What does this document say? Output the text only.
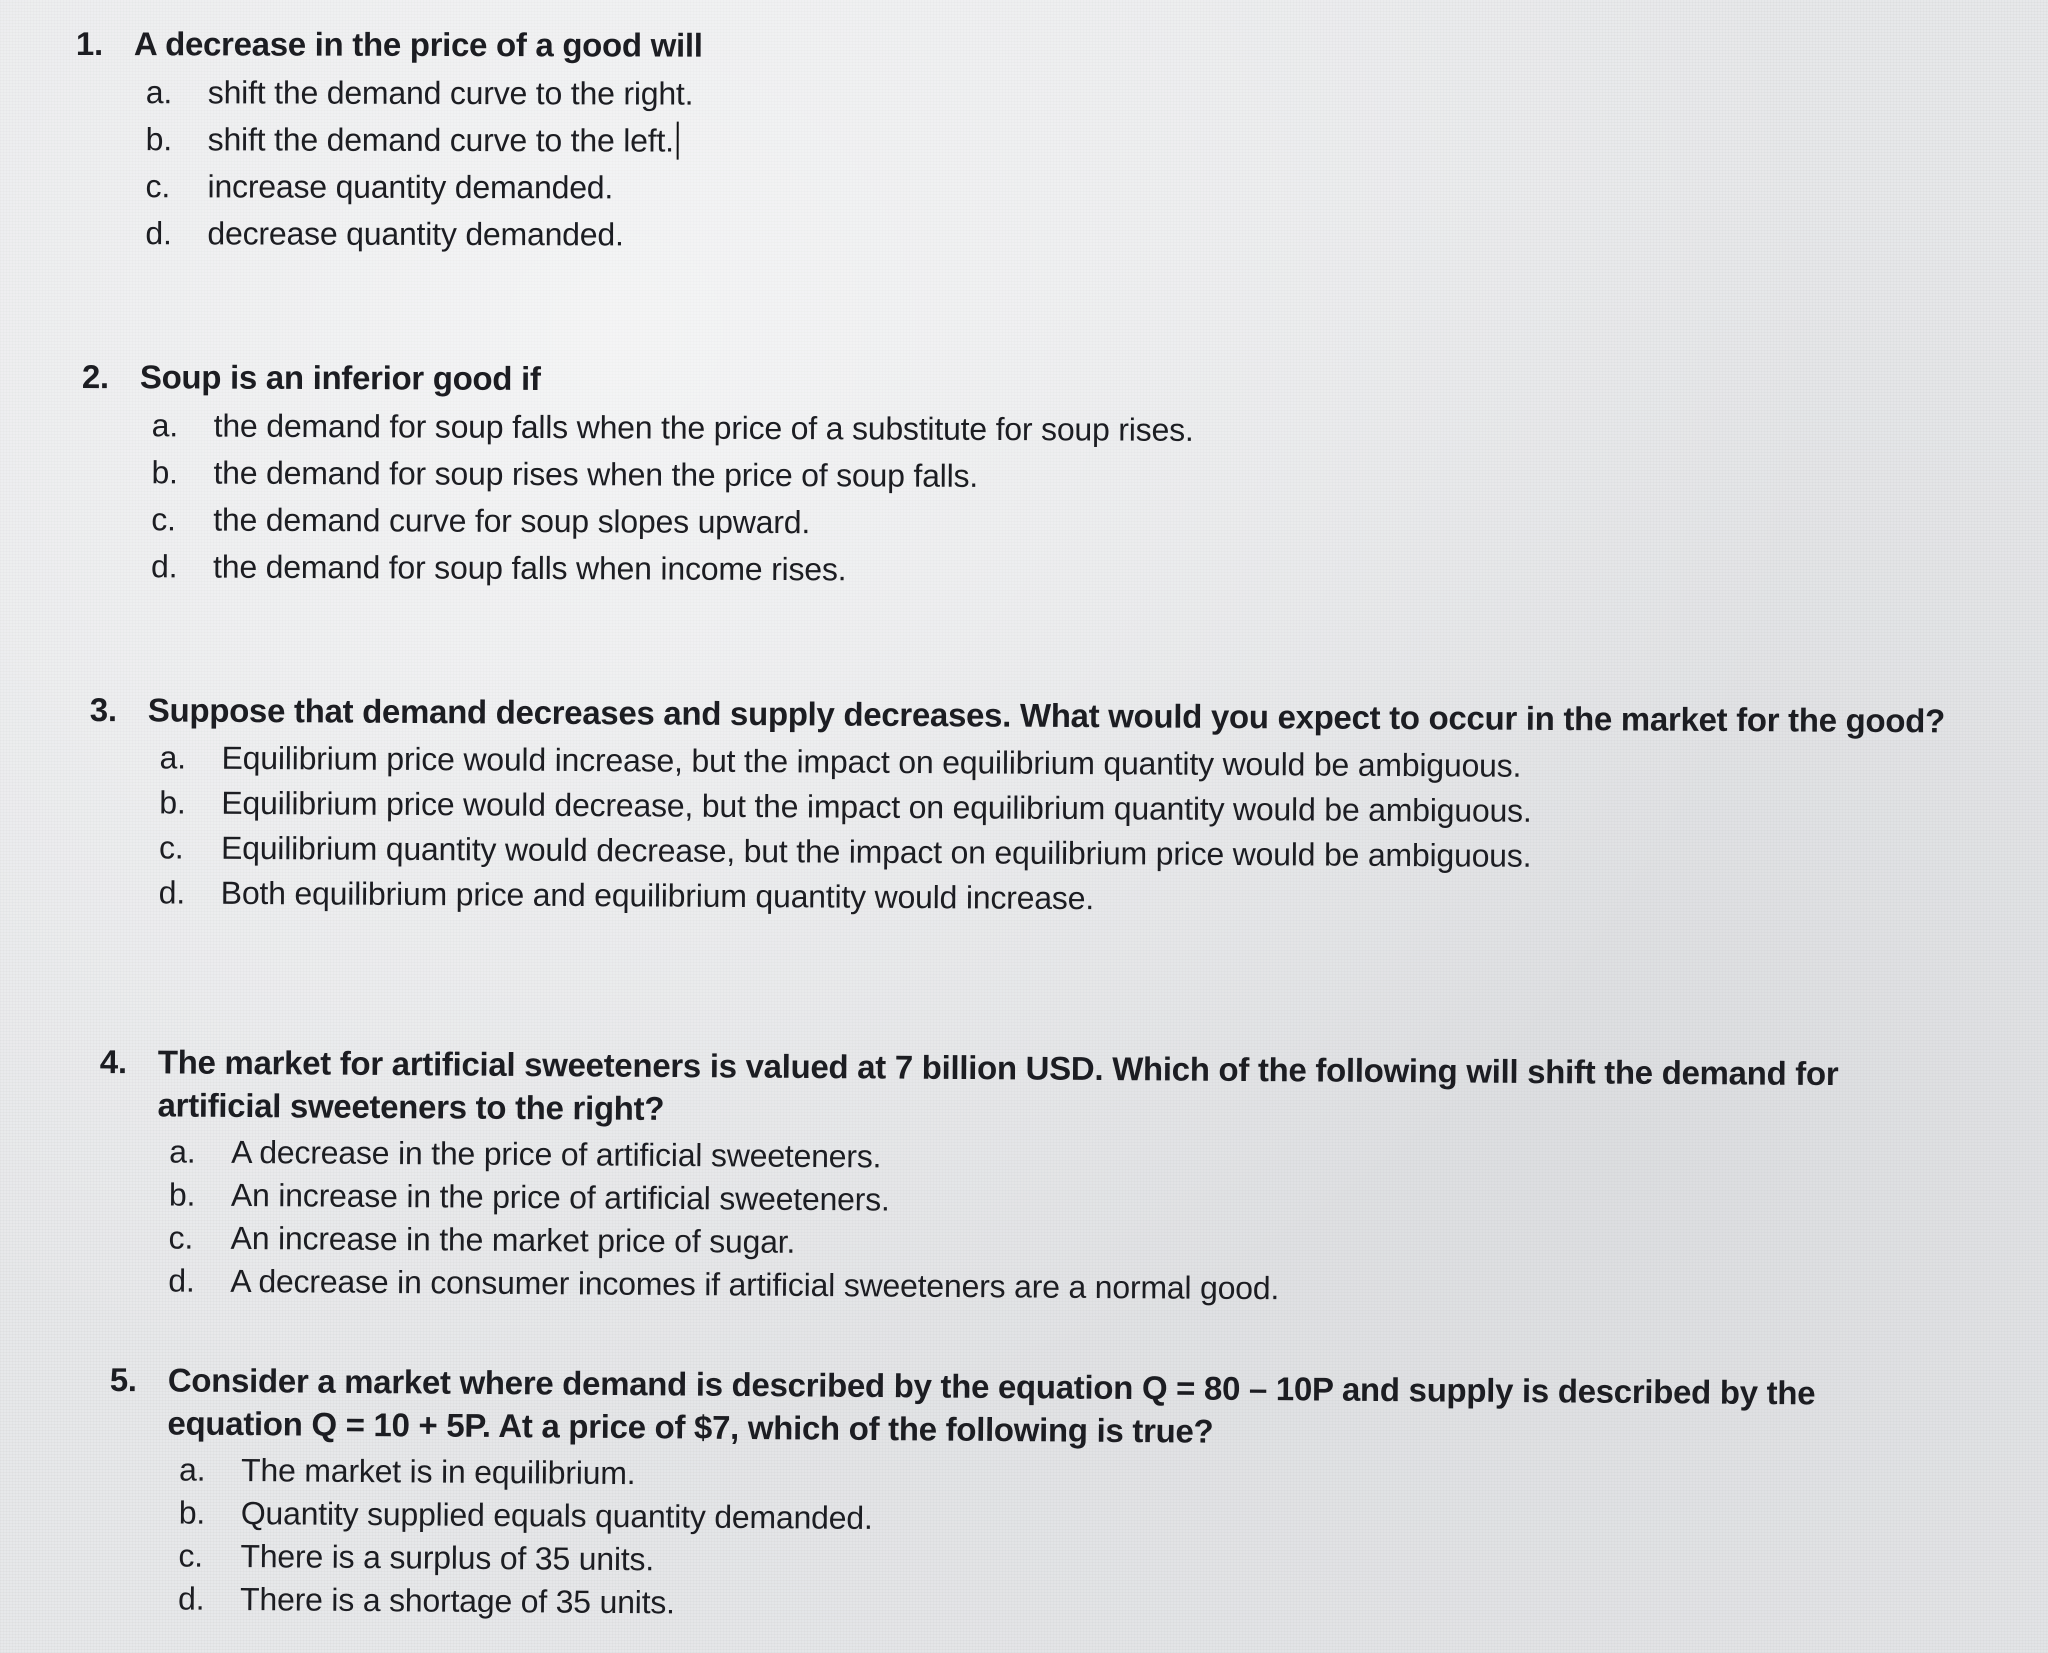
1. A decrease in the price of a good will
a.	shift the demand curve to the right.
b.	shift the demand curve to the left.
c.	increase quantity demanded.
d.	decrease quantity demanded.
2. Soup is an inferior good if
a.	the demand for soup falls when the price of a substitute for soup rises.
b.	the demand for soup rises when the price of soup falls.
c.	the demand curve for soup slopes upward.
d.	the demand for soup falls when income rises.
3. Suppose that demand decreases and supply decreases. What would you expect to occur in the market for the good?
a.	Equilibrium price would increase, but the impact on equilibrium quantity would be ambiguous.
b.	Equilibrium price would decrease, but the impact on equilibrium quantity would be ambiguous.
c.	Equilibrium quantity would decrease, but the impact on equilibrium price would be ambiguous.
d.	Both equilibrium price and equilibrium quantity would increase.
4. The market for artificial sweeteners is valued at 7 billion USD. Which of the following will shift the demand for artificial sweeteners to the right?
a.	A decrease in the price of artificial sweeteners.
b.	An increase in the price of artificial sweeteners.
c.	An increase in the market price of sugar.
d.	A decrease in consumer incomes if artificial sweeteners are a normal good.
5. Consider a market where demand is described by the equation Q = 80 – 10P and supply is described by the equation Q = 10 + 5P. At a price of $7, which of the following is true?
a.	The market is in equilibrium.
b.	Quantity supplied equals quantity demanded.
c.	There is a surplus of 35 units.
d.	There is a shortage of 35 units.
